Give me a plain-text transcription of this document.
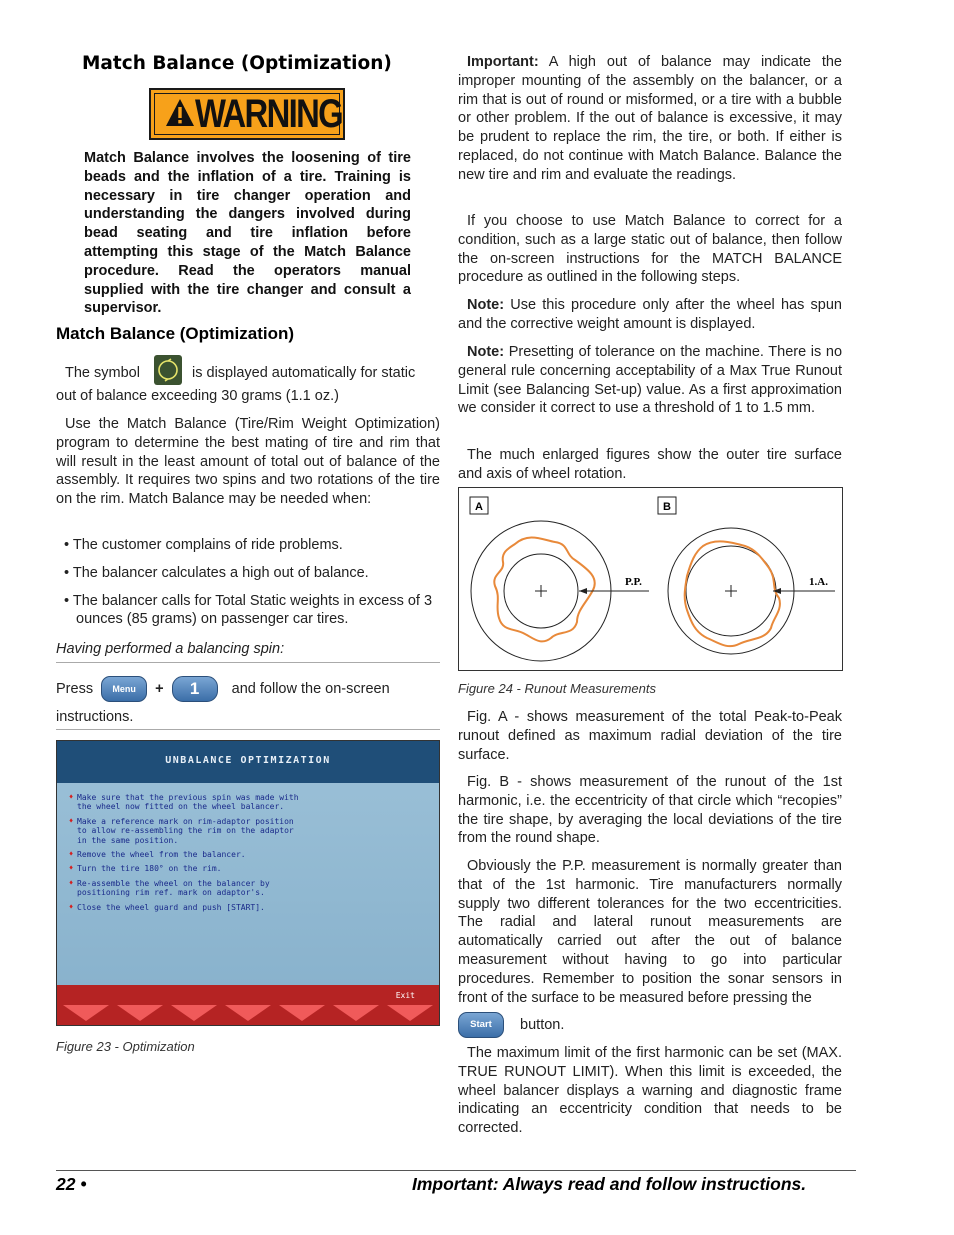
Match Balance (Optimization)
WARNING

Match Balance involves the loosening of tire beads and the inflation of a tire. Training is necessary in tire changer operation and understanding the dangers involved during bead seating and tire inflation before attempting this stage of the Match Balance procedure. Read the operators manual supplied with the tire changer and consult a supervisor.

Match Balance (Optimization)
The symbol	is displayed automatically for static

out of balance exceeding 30 grams (1.1 oz.)

Use the Match Balance (Tire/Rim Weight Optimization) program to determine the best mating of tire and rim that will result in the least amount of total out of balance of the assembly. It requires two spins and two rotations of the tire on the rim. Match Balance may be needed when:

• The customer complains of ride problems.
• The balancer calculates a high out of balance.
• The balancer calls for Total Static weights in excess of 3 ounces (85 grams) on passenger car tires.

Having performed a balancing spin:

Press Menu + 1 and follow the on-screen

instructions.

UNBALANCE OPTIMIZATION
♦ Make sure that the previous spin was made with
the wheel now fitted on the wheel balancer.
♦ Make a reference mark on rim-adaptor position
to allow re-assembling the rim on the adaptor
in the same position.
♦ Remove the wheel from the balancer.
♦ Turn the tire 180° on the rim.
♦ Re-assemble the wheel on the balancer by
positioning rim ref. mark on adaptor's.
♦ Close the wheel guard and push [START].
Exit

Figure 23 - Optimization

Important: A high out of balance may indicate the improper mounting of the assembly on the balancer, or a rim that is out of round or misformed, or a tire with a bubble or other problem. If the out of balance is excessive, it may be prudent to replace the rim, the tire, or both. If either is replaced, do not continue with Match Balance. Balance the new tire and rim and evaluate the readings.

If you choose to use Match Balance to correct for a condition, such as a large static out of balance, then follow the on-screen instructions for the MATCH BALANCE procedure as outlined in the following steps.

Note: Use this procedure only after the wheel has spun and the corrective weight amount is displayed.

Note: Presetting of tolerance on the machine. There is no general rule concerning acceptability of a Max True Runout Limit (see Balancing Set-up) value. As a first approximation we consider it correct to use a threshold of 1 to 1.5 mm.

The much enlarged figures show the outer tire surface and axis of wheel rotation.

A	B
P.P.	1.A.

Figure 24 - Runout Measurements

Fig. A - shows measurement of the total Peak-to-Peak runout defined as maximum radial deviation of the tire surface.

Fig. B - shows measurement of the runout of the 1st harmonic, i.e. the eccentricity of that circle which “recopies” the tire shape, by averaging the local deviations of the tire from the round shape.

Obviously the P.P. measurement is normally greater than that of the 1st harmonic. Tire manufacturers normally supply two different tolerances for the two eccentricities. The radial and lateral runout measurements are automatically carried out after the out of balance measurement without having to go into particular procedures. Remember to position the sonar sensors in front of the surface to be measured before pressing the

Start button.

The maximum limit of the first harmonic can be set (MAX. TRUE RUNOUT LIMIT). When this limit is exceeded, the wheel balancer displays a warning and diagnostic frame indicating an eccentricity condition that needs to be corrected.

22 •	Important: Always read and follow instructions.
